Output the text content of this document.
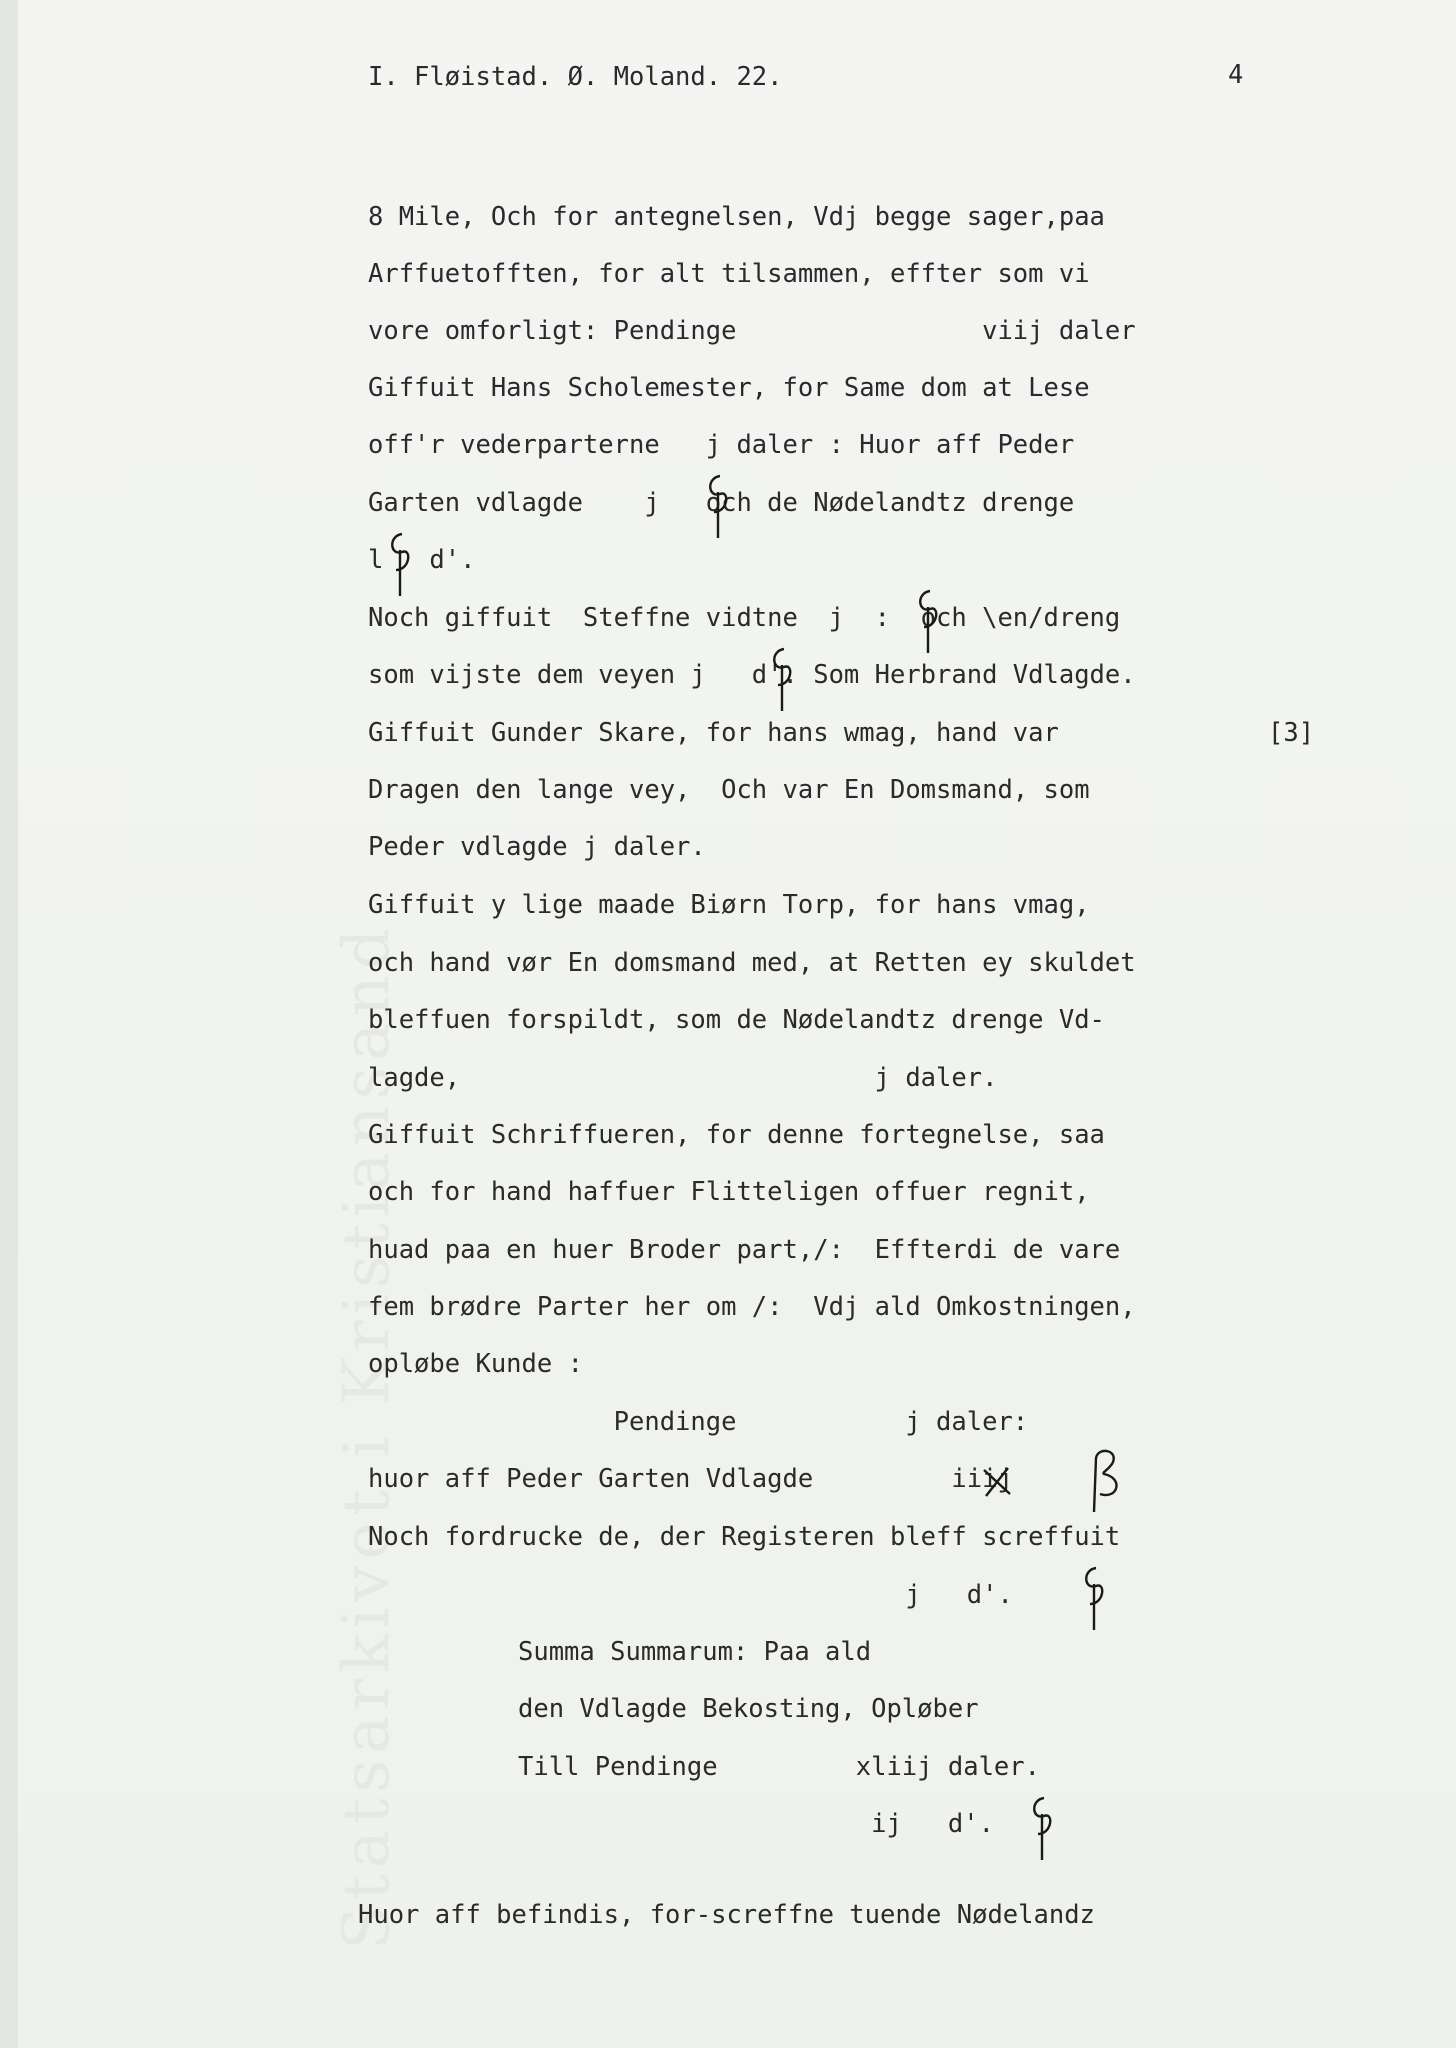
Statsarkivet i Kristiansand
I. Fløistad. Ø. Moland. 22.	4
[3]
8 Mile, Och for antegnelsen, Vdj begge sager,paa
Arffuetofften, for alt tilsammen, effter som vi
vore omforligt: Pendinge                viij daler
Giffuit Hans Scholemester, for Same dom at Lese
off'r vederparterne   j daler : Huor aff Peder
Garten vdlagde    j   och de Nødelandtz drenge
l   d'.
Noch giffuit  Steffne vidtne  j  :  och \en/dreng
som vijste dem veyen j   d'. Som Herbrand Vdlagde.
Giffuit Gunder Skare, for hans wmag, hand var
Dragen den lange vey,  Och var En Domsmand, som
Peder vdlagde j daler.
Giffuit y lige maade Biørn Torp, for hans vmag,
och hand vør En domsmand med, at Retten ey skuldet
bleffuen forspildt, som de Nødelandtz drenge Vd-
lagde,                           j daler.
Giffuit Schriffueren, for denne fortegnelse, saa
och for hand haffuer Flitteligen offuer regnit,
huad paa en huer Broder part,/:  Effterdi de vare
fem brødre Parter her om /:  Vdj ald Omkostningen,
opløbe Kunde :
Pendinge           j daler:
huor aff Peder Garten Vdlagde         iiij
Noch fordrucke de, der Registeren bleff screffuit
j   d'.
Summa Summarum: Paa ald
den Vdlagde Bekosting, Opløber
Till Pendinge         xliij daler.
ij   d'.
Huor aff befindis, for-screffne tuende Nødelandz
